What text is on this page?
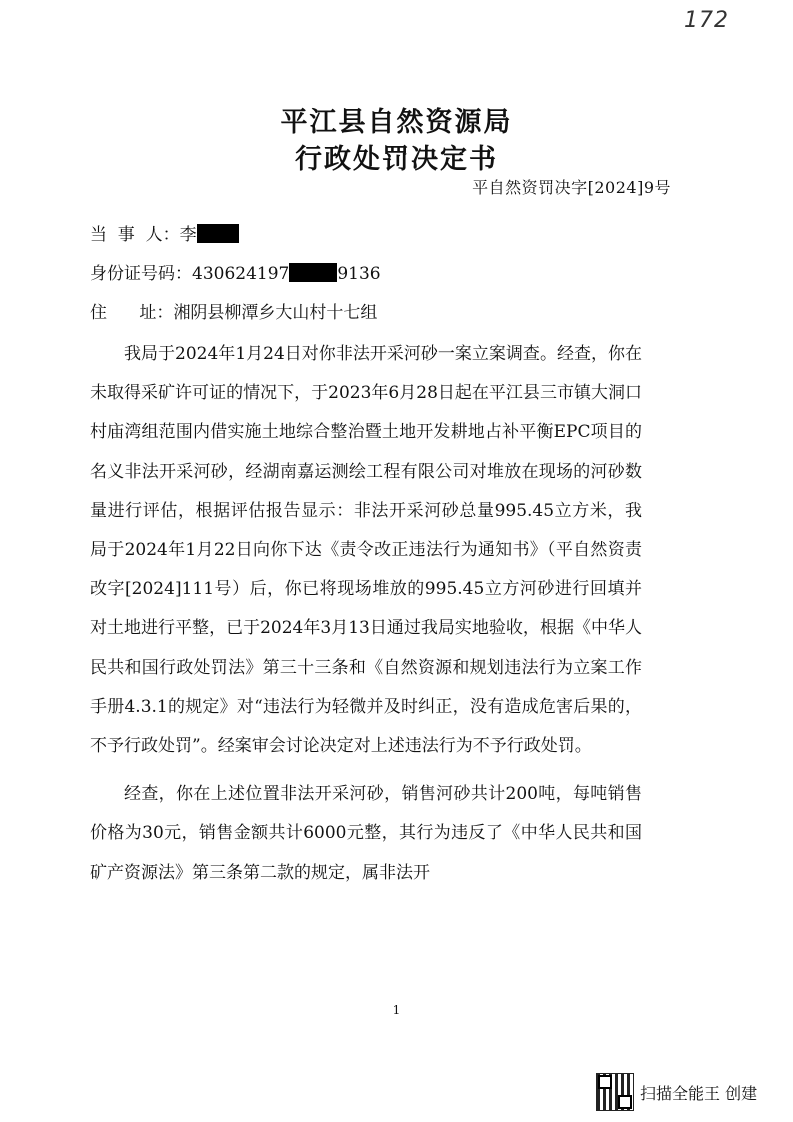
172
平江县自然资源局
行政处罚决定书
平自然资罚决字[2024]9号
当  事  人：李
身份证号码：430624197	9136
住      址：湘阴县柳潭乡大山村十七组

我局于2024年1月24日对你非法开采河砂一案立案调查。经查，你在未取得采矿许可证的情况下，于2023年6月28日起在平江县三市镇大洞口村庙湾组范围内借实施土地综合整治暨土地开发耕地占补平衡EPC项目的名义非法开采河砂，经湖南嘉运测绘工程有限公司对堆放在现场的河砂数量进行评估，根据评估报告显示：非法开采河砂总量995.45立方米，我局于2024年1月22日向你下达《责令改正违法行为通知书》（平自然资责改字[2024]111号）后，你已将现场堆放的995.45立方河砂进行回填并对土地进行平整，已于2024年3月13日通过我局实地验收，根据《中华人民共和国行政处罚法》第三十三条和《自然资源和规划违法行为立案工作手册4.3.1的规定》对“违法行为轻微并及时纠正，没有造成危害后果的，不予行政处罚”。经案审会讨论决定对上述违法行为不予行政处罚。

经查，你在上述位置非法开采河砂，销售河砂共计200吨，每吨销售价格为30元，销售金额共计6000元整，其行为违反了《中华人民共和国矿产资源法》第三条第二款的规定，属非法开

1
扫描全能王 创建
